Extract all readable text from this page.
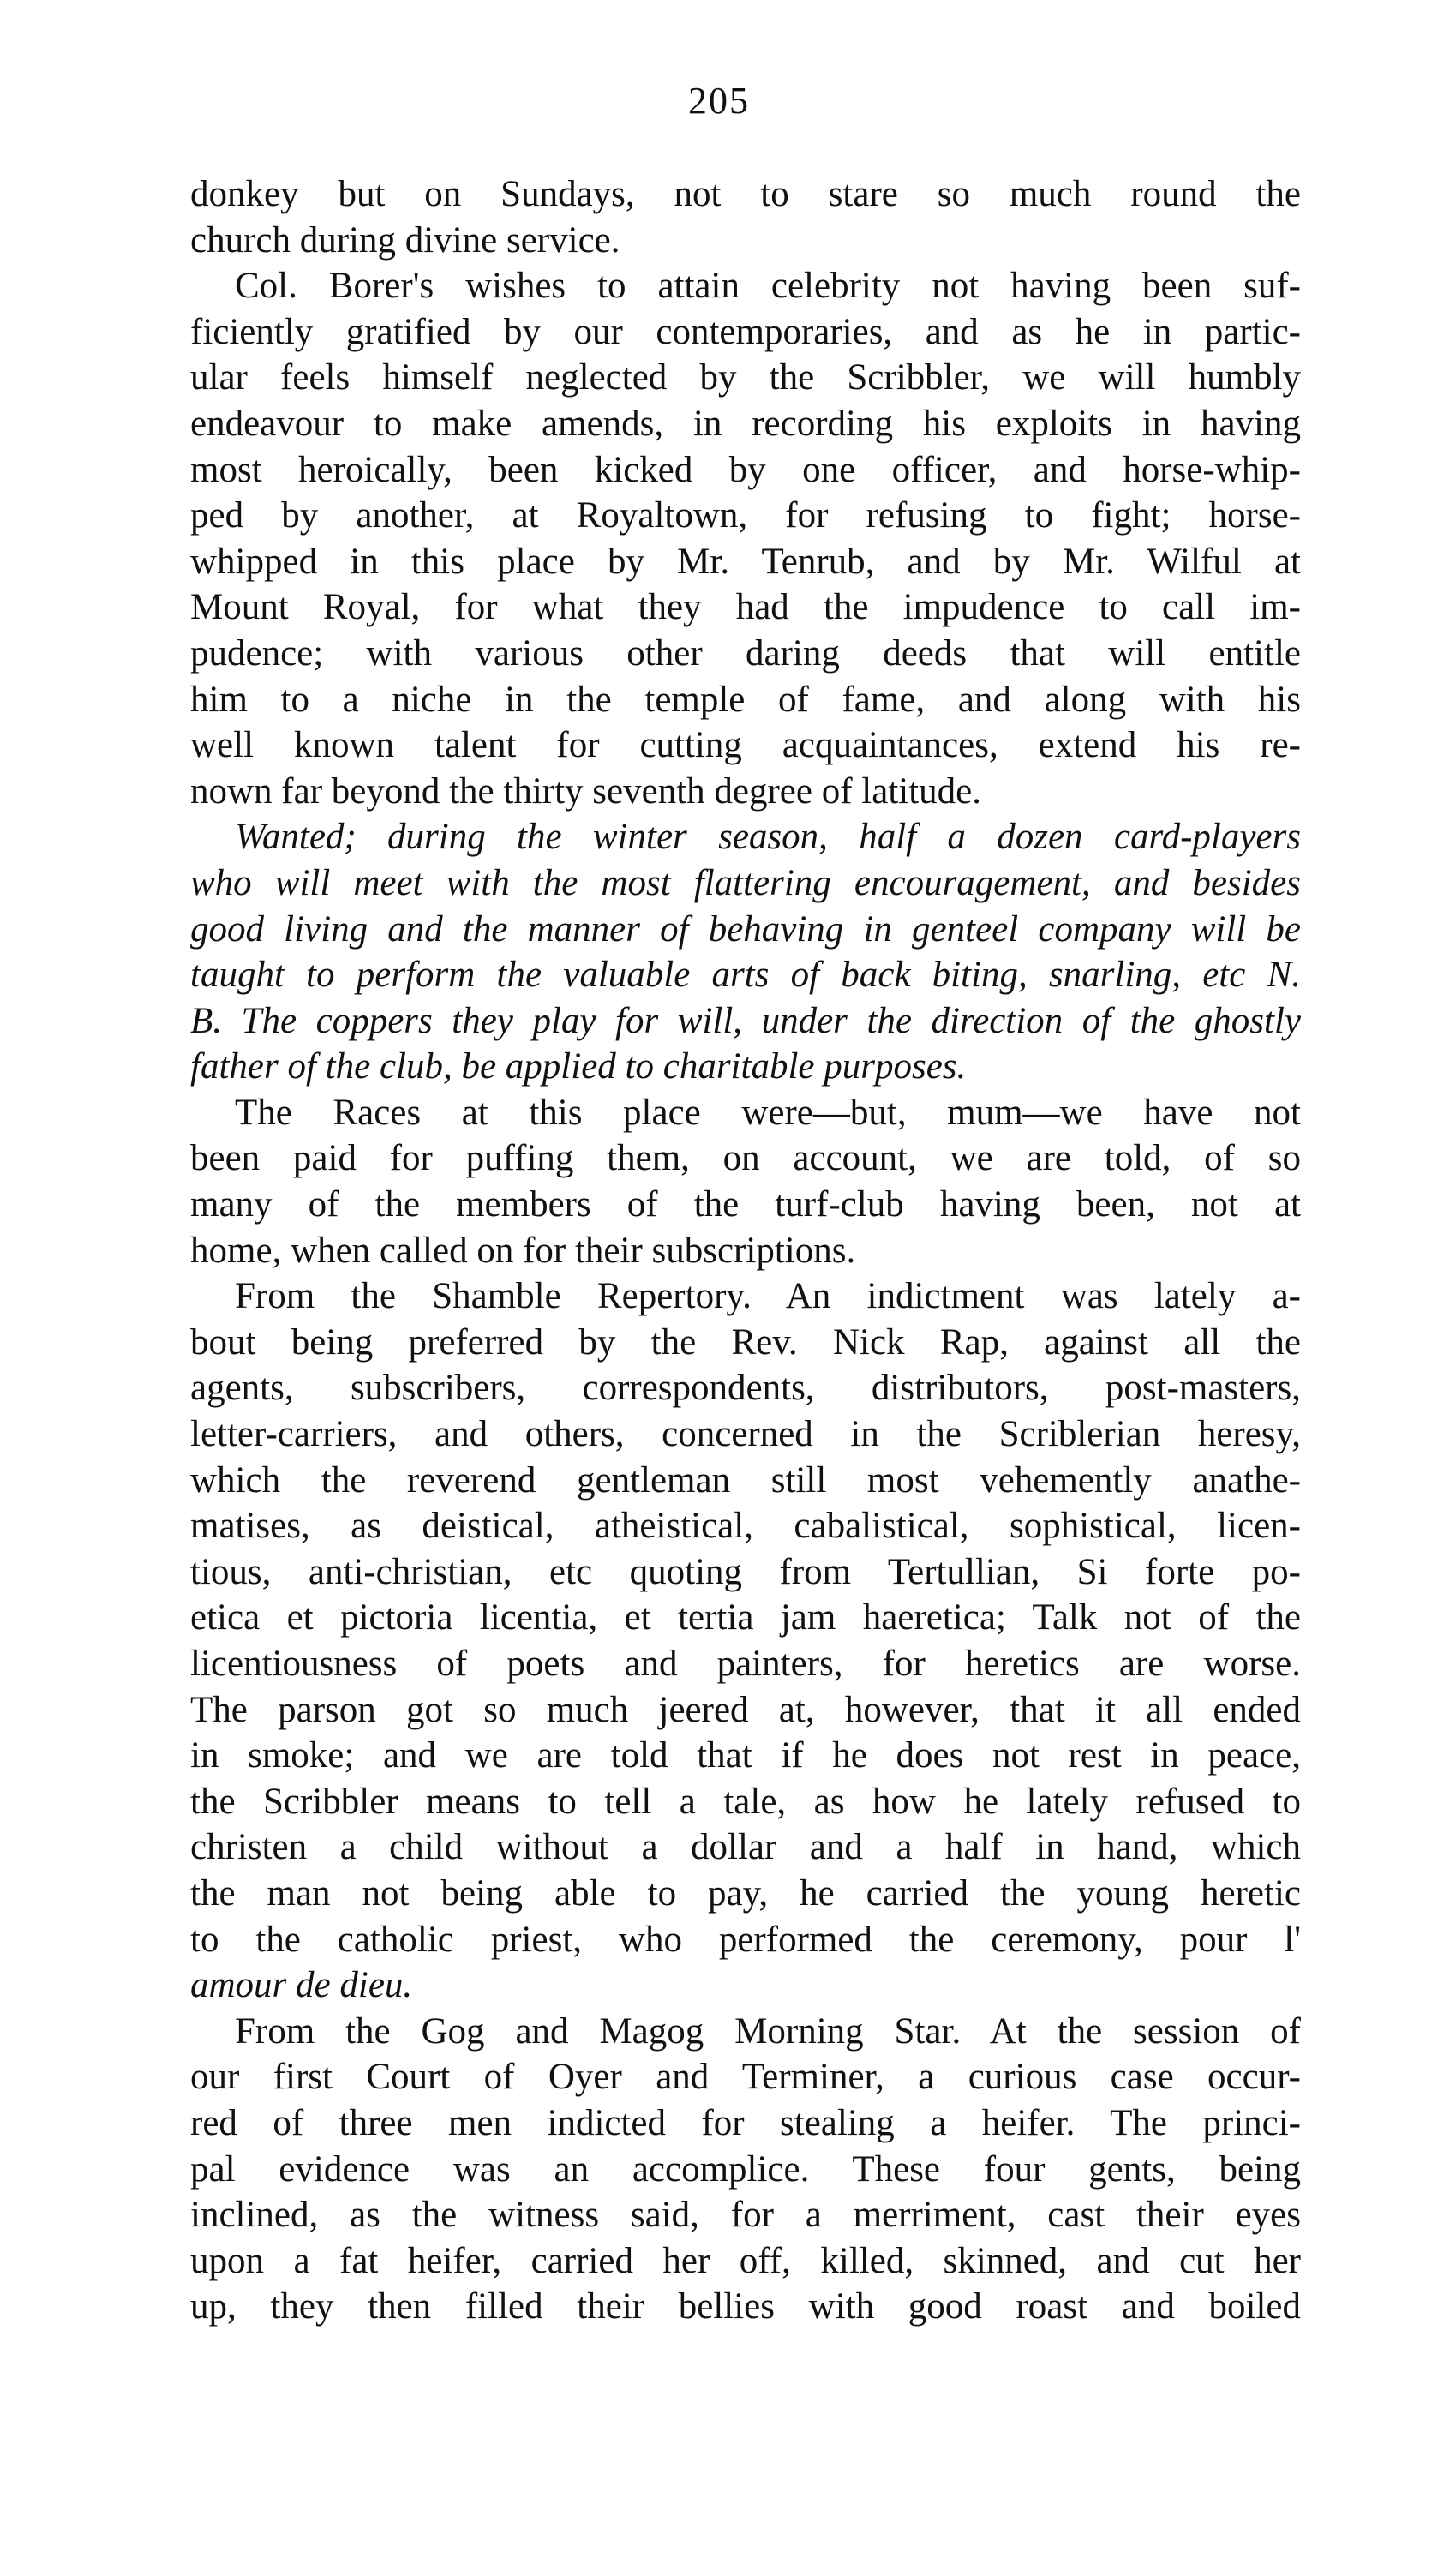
205
donkey but on Sundays, not to stare so much round the
church during divine service.
Col. Borer's wishes to attain celebrity not having been suf-
ficiently gratified by our contemporaries, and as he in partic-
ular feels himself neglected by the Scribbler, we will humbly
endeavour to make amends, in recording his exploits in having
most heroically, been kicked by one officer, and horse-whip-
ped by another, at Royaltown, for refusing to fight; horse-
whipped in this place by Mr. Tenrub, and by Mr. Wilful at
Mount Royal, for what they had the impudence to call im-
pudence; with various other daring deeds that will entitle
him to a niche in the temple of fame, and along with his
well known talent for cutting acquaintances, extend his re-
nown far beyond the thirty seventh degree of latitude.
Wanted; during the winter season, half a dozen card-players
who will meet with the most flattering encouragement, and besides
good living and the manner of behaving in genteel company will be
taught to perform the valuable arts of back biting, snarling, etc N.
B. The coppers they play for will, under the direction of the ghostly
father of the club, be applied to charitable purposes.
The Races at this place were—but, mum—we have not
been paid for puffing them, on account, we are told, of so
many of the members of the turf-club having been, not at
home, when called on for their subscriptions.
From the Shamble Repertory. An indictment was lately a-
bout being preferred by the Rev. Nick Rap, against all the
agents, subscribers, correspondents, distributors, post-masters,
letter-carriers, and others, concerned in the Scriblerian heresy,
which the reverend gentleman still most vehemently anathe-
matises, as deistical, atheistical, cabalistical, sophistical, licen-
tious, anti-christian, etc quoting from Tertullian, Si forte po-
etica et pictoria licentia, et tertia jam haeretica; Talk not of the
licentiousness of poets and painters, for heretics are worse.
The parson got so much jeered at, however, that it all ended
in smoke; and we are told that if he does not rest in peace,
the Scribbler means to tell a tale, as how he lately refused to
christen a child without a dollar and a half in hand, which
the man not being able to pay, he carried the young heretic
to the catholic priest, who performed the ceremony, pour l'
amour de dieu.
From the Gog and Magog Morning Star. At the session of
our first Court of Oyer and Terminer, a curious case occur-
red of three men indicted for stealing a heifer. The princi-
pal evidence was an accomplice. These four gents, being
inclined, as the witness said, for a merriment, cast their eyes
upon a fat heifer, carried her off, killed, skinned, and cut her
up, they then filled their bellies with good roast and boiled
